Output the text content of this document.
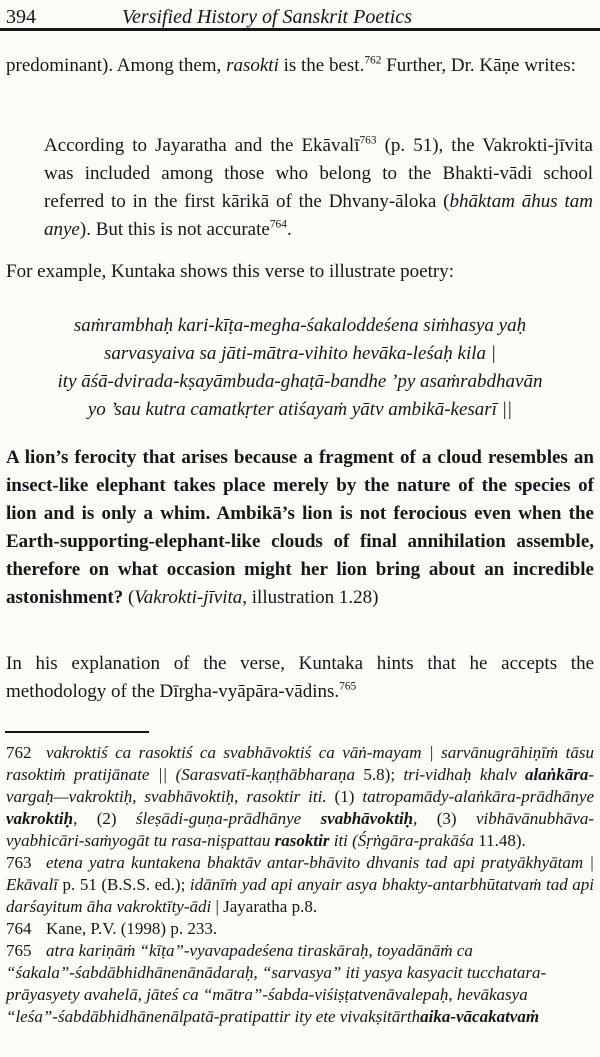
394	Versified History of Sanskrit Poetics

predominant). Among them, rasokti is the best.$^{762}$ Further, Dr. Kāṇe writes:

According to Jayaratha and the Ekāvalī$^{763}$ (p. 51), the Vakrokti-jīvita was included among those who belong to the Bhakti-vādi school referred to in the first kārikā of the Dhvany-āloka (bhāktam āhus tam anye). But this is not accurate$^{764}$.

For example, Kuntaka shows this verse to illustrate poetry:

saṁrambhaḥ kari-kīṭa-megha-śakaloddeśena siṁhasya yaḥ
sarvasyaiva sa jāti-mātra-vihito hevāka-leśaḥ kila |
ity āśā-dvirada-kṣayāmbuda-ghaṭā-bandhe ’py asaṁrabdhavān
yo ’sau kutra camatkṛter atiśayaṁ yātv ambikā-kesarī ||
A lion’s ferocity that arises because a fragment of a cloud resembles an insect-like elephant takes place merely by the nature of the species of lion and is only a whim. Ambikā’s lion is not ferocious even when the Earth-supporting-elephant-like clouds of final annihilation assemble, therefore on what occasion might her lion bring about an incredible astonishment? (Vakrokti-jīvita, illustration 1.28)

In his explanation of the verse, Kuntaka hints that he accepts the methodology of the Dīrgha-vyāpāra-vādins.$^{765}$

762 vakroktiś ca rasoktiś ca svabhāvoktiś ca vāṅ-mayam | sarvānugrāhiṇīṁ tāsu rasoktiṁ pratijānate || (Sarasvatī-kaṇṭhābharaṇa 5.8); tri-vidhaḥ khalv alaṅkāra-vargaḥ—vakroktiḥ, svabhāvoktiḥ, rasoktir iti. (1) tatropamādy-alaṅkāra-prādhānye vakroktiḥ, (2) śleṣādi-guṇa-prādhānye svabhāvoktiḥ, (3) vibhāvānubhāva-vyabhicāri-saṁyogāt tu rasa-niṣpattau rasoktir iti (Śṛṅgāra-prakāśa 11.48).
763 etena yatra kuntakena bhaktāv antar-bhāvito dhvanis tad api pratyākhyātam | Ekāvalī p. 51 (B.S.S. ed.); idānīṁ yad api anyair asya bhakty-antarbhūtatvaṁ tad api darśayitum āha vakroktīty-ādi | Jayaratha p.8.
764 Kane, P.V. (1998) p. 233.
765 atra kariṇāṁ “kīṭa”-vyavapadeśena tiraskāraḥ, toyadānāṁ ca
“śakala”-śabdābhidhānenānādaraḥ, “sarvasya” iti yasya kasyacit tucchatara-
prāyasyety avahelā, jāteś ca “mātra”-śabda-viśiṣṭatvenāvalepaḥ, hevākasya
“leśa”-śabdābhidhānenālpatā-pratipattir ity ete vivakṣitārthaika-vācakatvaṁ
